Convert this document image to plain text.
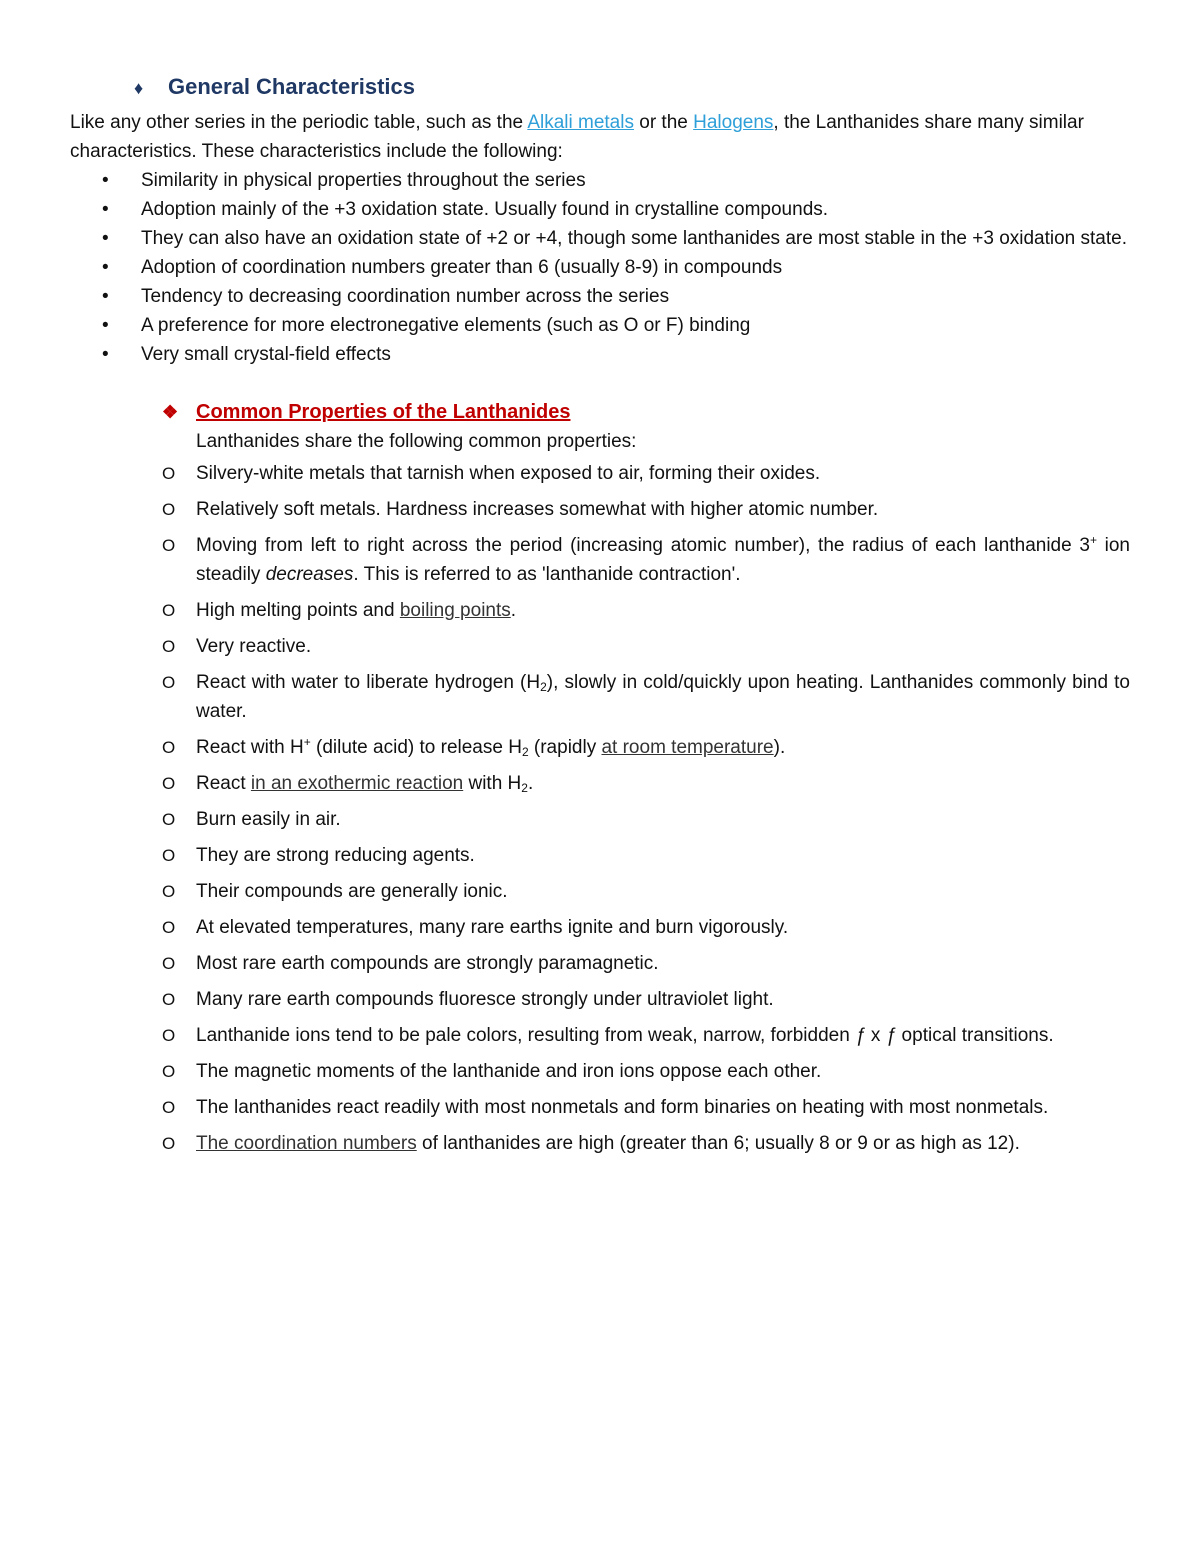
♦ General Characteristics
Like any other series in the periodic table, such as the Alkali metals or the Halogens, the Lanthanides share many similar characteristics. These characteristics include the following:
• Similarity in physical properties throughout the series
• Adoption mainly of the +3 oxidation state. Usually found in crystalline compounds.
• They can also have an oxidation state of +2 or +4, though some lanthanides are most stable in the +3 oxidation state.
• Adoption of coordination numbers greater than 6 (usually 8-9) in compounds
• Tendency to decreasing coordination number across the series
• A preference for more electronegative elements (such as O or F) binding
• Very small crystal-field effects
❖ Common Properties of the Lanthanides
Lanthanides share the following common properties:
O Silvery-white metals that tarnish when exposed to air, forming their oxides.
O Relatively soft metals. Hardness increases somewhat with higher atomic number.
O Moving from left to right across the period (increasing atomic number), the radius of each lanthanide 3+ ion steadily decreases. This is referred to as 'lanthanide contraction'.
O High melting points and boiling points.
O Very reactive.
O React with water to liberate hydrogen $(H_2)$, slowly in cold/quickly upon heating. Lanthanides commonly bind to water.
O React with H+ (dilute acid) to release $H_2$ (rapidly at room temperature).
O React in an exothermic reaction with $H_2$.
O Burn easily in air.
O They are strong reducing agents.
O Their compounds are generally ionic.
O At elevated temperatures, many rare earths ignite and burn vigorously.
O Most rare earth compounds are strongly paramagnetic.
O Many rare earth compounds fluoresce strongly under ultraviolet light.
O Lanthanide ions tend to be pale colors, resulting from weak, narrow, forbidden ƒ x ƒ optical transitions.
O The magnetic moments of the lanthanide and iron ions oppose each other.
O The lanthanides react readily with most nonmetals and form binaries on heating with most nonmetals.
O The coordination numbers of lanthanides are high (greater than 6; usually 8 or 9 or as high as 12).
